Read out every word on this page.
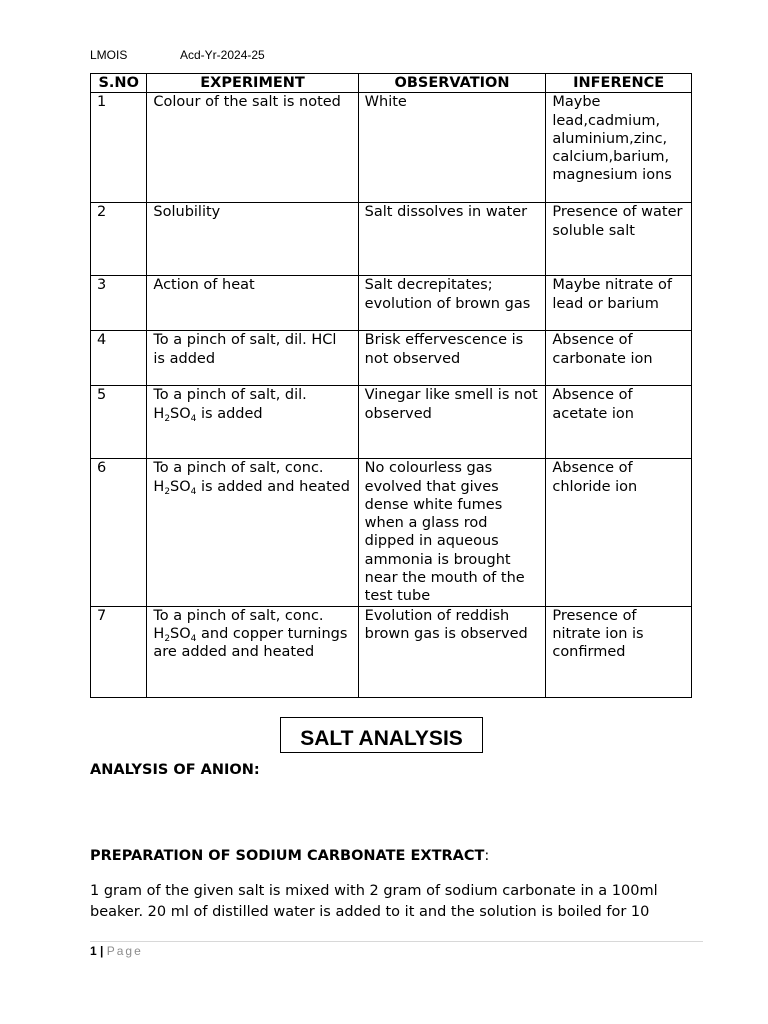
LMOIS	Acd-Yr-2024-25
S.NO	EXPERIMENT	OBSERVATION	INFERENCE
1	Colour of the salt is noted	White	Maybe lead,cadmium, aluminium,zinc, calcium,barium, magnesium ions
2	Solubility	Salt dissolves in water	Presence of water soluble salt
3	Action of heat	Salt decrepitates; evolution of brown gas	Maybe nitrate of lead or barium
4	To a pinch of salt, dil. HCl is added	Brisk effervescence is not observed	Absence of carbonate ion
5	To a pinch of salt, dil. $H_2SO_4$ is added	Vinegar like smell is not observed	Absence of acetate ion
6	To a pinch of salt, conc. $H_2SO_4$ is added and heated	No colourless gas evolved that gives dense white fumes when a glass rod dipped in aqueous ammonia is brought near the mouth of the test tube	Absence of chloride ion
7	To a pinch of salt, conc. $H_2SO_4$ and copper turnings are added and heated	Evolution of reddish brown gas is observed	Presence of nitrate ion is confirmed
SALT ANALYSIS
ANALYSIS OF ANION:
PREPARATION OF SODIUM CARBONATE EXTRACT:
1 gram of the given salt is mixed with 2 gram of sodium carbonate in a 100ml beaker. 20 ml of distilled water is added to it and the solution is boiled for 10
1 | Page
